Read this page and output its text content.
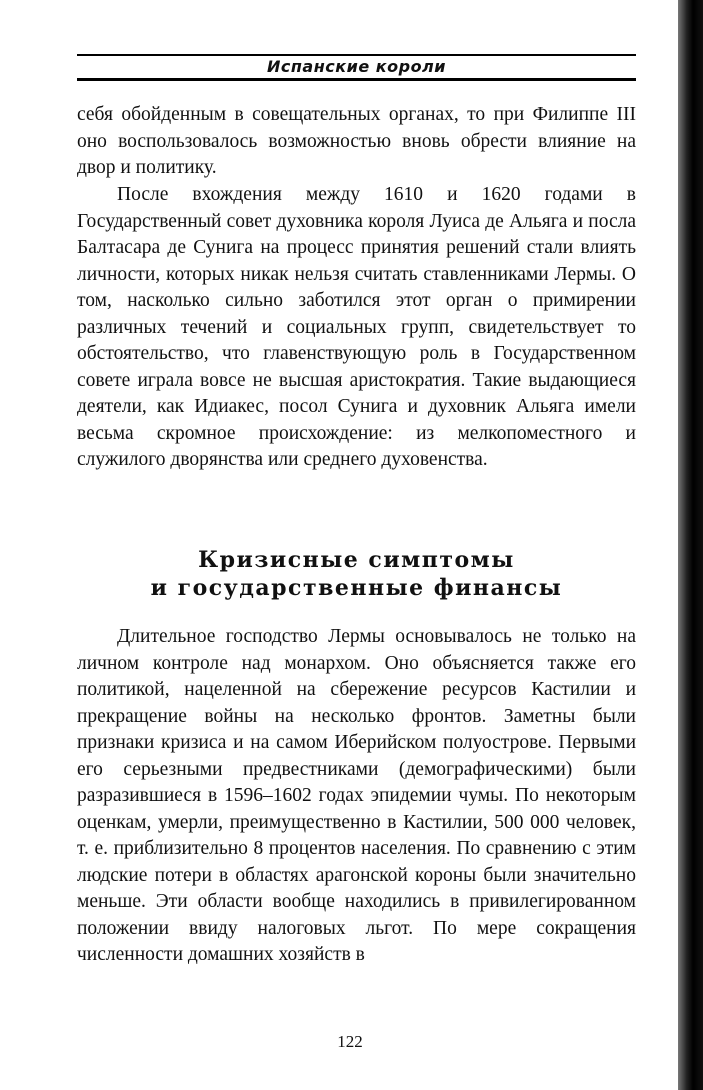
Испанские короли

себя обойденным в совещательных органах, то при Филиппе III оно воспользовалось возможностью вновь обрести влияние на двор и политику.

После вхождения между 1610 и 1620 годами в Государственный совет духовника короля Луиса де Альяга и посла Балтасара де Сунига на процесс принятия решений стали влиять личности, которых никак нельзя считать ставленниками Лермы. О том, насколько сильно заботился этот орган о примирении различных течений и социальных групп, свидетельствует то обстоятельство, что главенствующую роль в Государственном совете играла вовсе не высшая аристократия. Такие выдающиеся деятели, как Идиакес, посол Сунига и духовник Альяга имели весьма скромное происхождение: из мелкопоместного и служилого дворянства или среднего духовенства.

Кризисные симптомы
и государственные финансы

Длительное господство Лермы основывалось не только на личном контроле над монархом. Оно объясняется также его политикой, нацеленной на сбережение ресурсов Кастилии и прекращение войны на несколько фронтов. Заметны были признаки кризиса и на самом Иберийском полуострове. Первыми его серьезными предвестниками (демографическими) были разразившиеся в 1596–1602 годах эпидемии чумы. По некоторым оценкам, умерли, преимущественно в Кастилии, 500 000 человек, т. е. приблизительно 8 процентов населения. По сравнению с этим людские потери в областях арагонской короны были значительно меньше. Эти области вообще находились в привилегированном положении ввиду налоговых льгот. По мере сокращения численности домашних хозяйств в

122
